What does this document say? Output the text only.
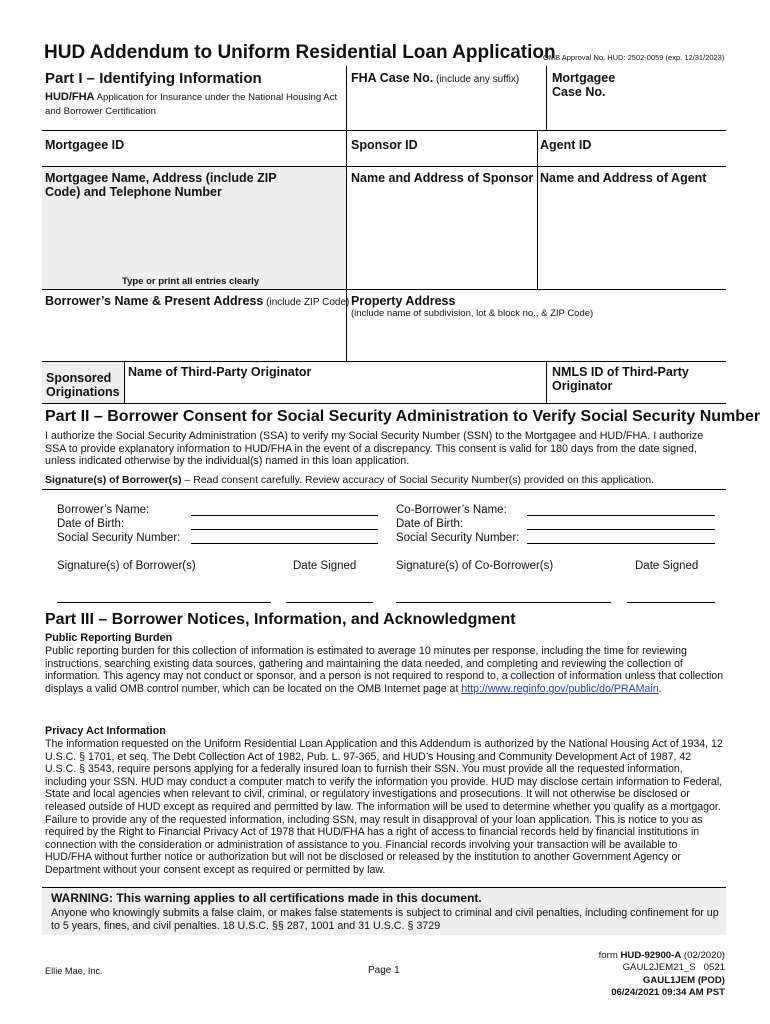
HUD Addendum to Uniform Residential Loan Application
OMB Approval No. HUD: 2502-0059 (exp. 12/31/2023)
Part I – Identifying Information
HUD/FHA Application for Insurance under the National Housing Act and Borrower Certification
FHA Case No. (include any suffix)	Mortgagee Case No.
Mortgagee ID	Sponsor ID	Agent ID
Mortgagee Name, Address (include ZIP Code) and Telephone Number
Name and Address of Sponsor Name and Address of Agent
Type or print all entries clearly
Borrower’s Name & Present Address (include ZIP Code) Property Address
(include name of subdivision, lot & block no., & ZIP Code)
Sponsored Originations
Name of Third-Party Originator	NMLS ID of Third-Party Originator
Part II – Borrower Consent for Social Security Administration to Verify Social Security Number
I authorize the Social Security Administration (SSA) to verify my Social Security Number (SSN) to the Mortgagee and HUD/FHA. I authorize SSA to provide explanatory information to HUD/FHA in the event of a discrepancy. This consent is valid for 180 days from the date signed, unless indicated otherwise by the individual(s) named in this loan application.
Signature(s) of Borrower(s) – Read consent carefully. Review accuracy of Social Security Number(s) provided on this application.
Borrower’s Name:
Date of Birth:
Social Security Number:
Co-Borrower’s Name:
Date of Birth:
Social Security Number:
Signature(s) of Borrower(s)	Date Signed	Signature(s) of Co-Borrower(s)	Date Signed
Part III – Borrower Notices, Information, and Acknowledgment
Public Reporting Burden
Public reporting burden for this collection of information is estimated to average 10 minutes per response, including the time for reviewing instructions, searching existing data sources, gathering and maintaining the data needed, and completing and reviewing the collection of information. This agency may not conduct or sponsor, and a person is not required to respond to, a collection of information unless that collection displays a valid OMB control number, which can be located on the OMB Internet page at http://www.reginfo.gov/public/do/PRAMain.
Privacy Act Information
The information requested on the Uniform Residential Loan Application and this Addendum is authorized by the National Housing Act of 1934, 12 U.S.C. § 1701, et seq. The Debt Collection Act of 1982, Pub. L. 97-365, and HUD’s Housing and Community Development Act of 1987, 42 U.S.C. § 3543, require persons applying for a federally insured loan to furnish their SSN. You must provide all the requested information, including your SSN. HUD may conduct a computer match to verify the information you provide. HUD may disclose certain information to Federal, State and local agencies when relevant to civil, criminal, or regulatory investigations and prosecutions. It will not otherwise be disclosed or released outside of HUD except as required and permitted by law. The information will be used to determine whether you qualify as a mortgagor. Failure to provide any of the requested information, including SSN, may result in disapproval of your loan application. This is notice to you as required by the Right to Financial Privacy Act of 1978 that HUD/FHA has a right of access to financial records held by financial institutions in connection with the consideration or administration of assistance to you. Financial records involving your transaction will be available to HUD/FHA without further notice or authorization but will not be disclosed or released by the institution to another Government Agency or Department without your consent except as required or permitted by law.
WARNING: This warning applies to all certifications made in this document.
Anyone who knowingly submits a false claim, or makes false statements is subject to criminal and civil penalties, including confinement for up to 5 years, fines, and civil penalties. 18 U.S.C. §§ 287, 1001 and 31 U.S.C. § 3729
Ellie Mae, Inc.	Page 1
form HUD-92900-A (02/2020)
GAUL2JEM21_S   0521
GAUL1JEM (POD)
06/24/2021 09:34 AM PST
